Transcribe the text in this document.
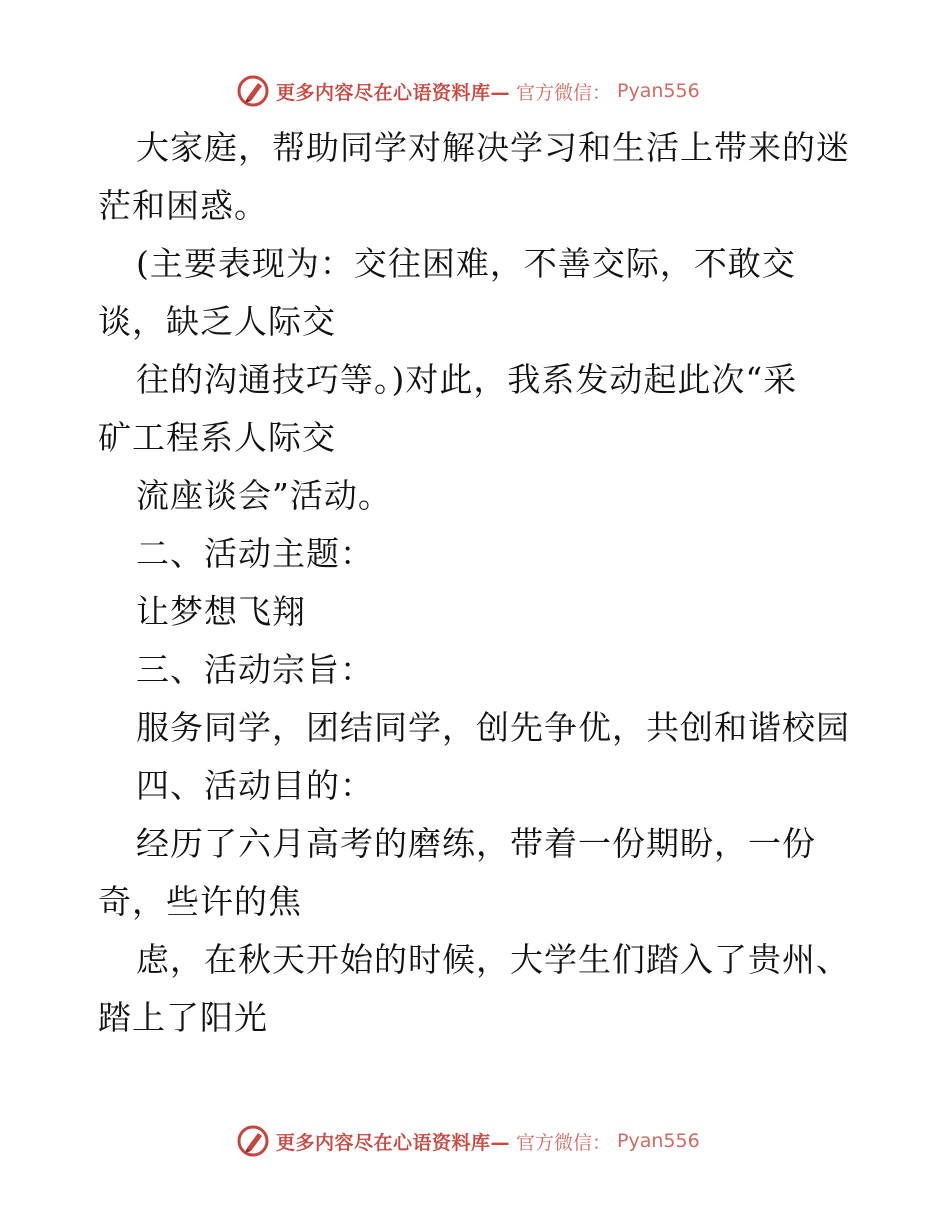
更多内容尽在心语资料库— 官方微信： Pyan556
大家庭，帮助同学对解决学习和生活上带来的迷
茫和困惑。
(主要表现为：交往困难，不善交际，不敢交
谈，缺乏人际交
往的沟通技巧等。)对此，我系发动起此次“采
矿工程系人际交
流座谈会”活动。
二、活动主题：
让梦想飞翔
三、活动宗旨：
服务同学，团结同学，创先争优，共创和谐校园
四、活动目的：
经历了六月高考的磨练，带着一份期盼，一份
奇，些许的焦
虑，在秋天开始的时候，大学生们踏入了贵州、
踏上了阳光
更多内容尽在心语资料库— 官方微信： Pyan556
